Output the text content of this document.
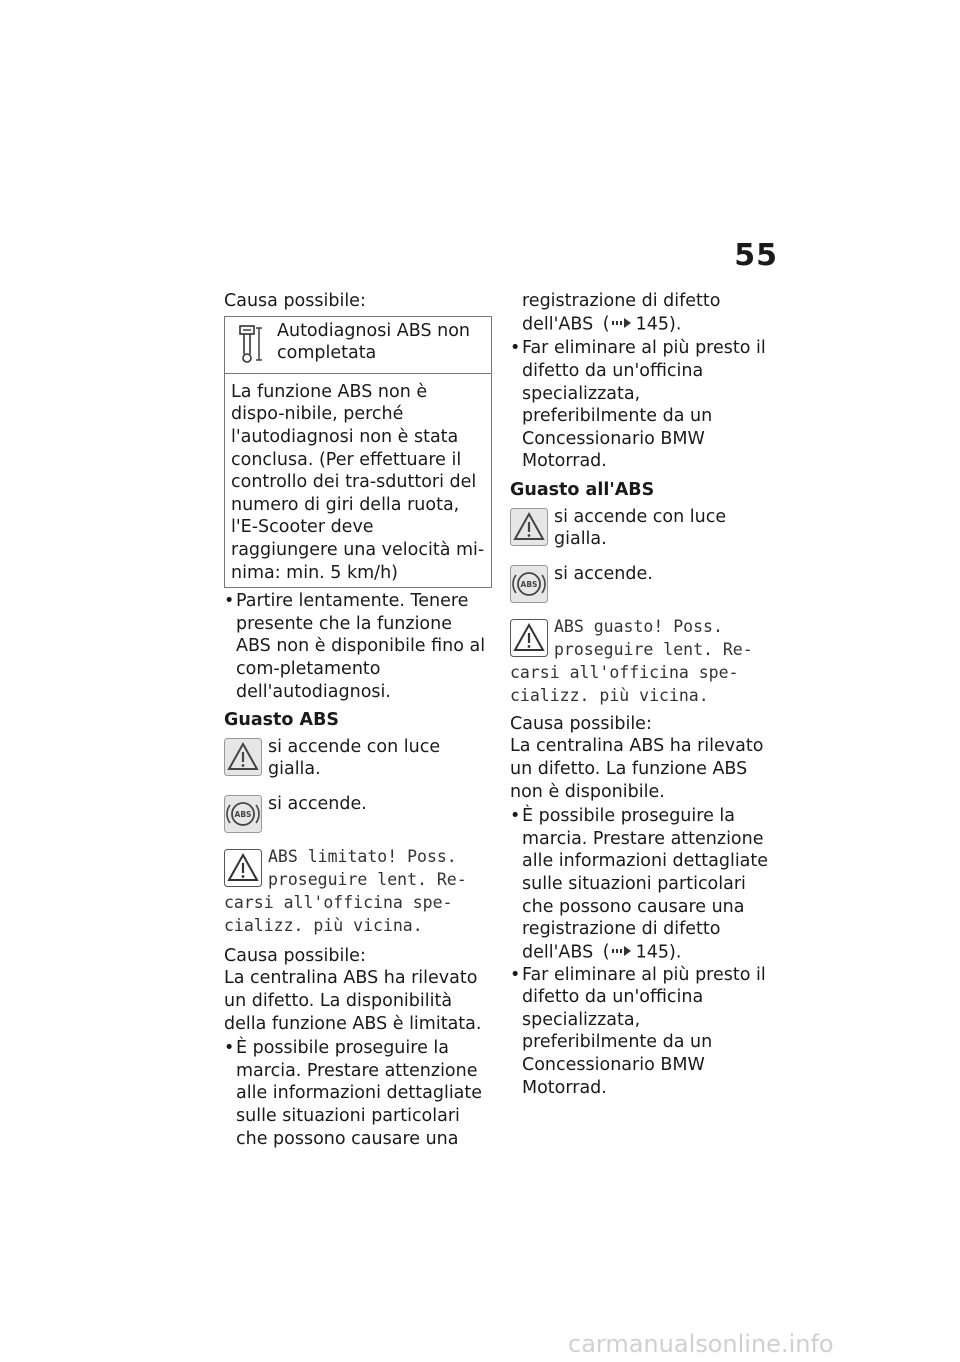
55

Causa possibile:

Autodiagnosi ABS non completata
La funzione ABS non è dispo-nibile, perché l'autodiagnosi non è stata conclusa. (Per effettuare il controllo dei tra-sduttori del numero di giri della ruota, l'E-Scooter deve raggiungere una velocità mi-nima: min. 5 km/h)
• Partire lentamente. Tenere presente che la funzione ABS non è disponibile fino al com-pletamento dell'autodiagnosi.

Guasto ABS

si accende con luce gialla.
ABS
si accende.
ABS limitato! Poss. proseguire lent. Re-carsi all'officina spe-cializz. più vicina.

Causa possibile:

La centralina ABS ha rilevato un difetto. La disponibilità della funzione ABS è limitata.

• È possibile proseguire la marcia. Prestare attenzione alle informazioni dettagliate sulle situazioni particolari che possono causare una

registrazione di difetto dell'ABS ( 145).

• Far eliminare al più presto il difetto da un'officina specializzata, preferibilmente da un Concessionario BMW Motorrad.

Guasto all'ABS

si accende con luce gialla.
ABS
si accende.
ABS guasto! Poss. proseguire lent. Re-carsi all'officina spe-cializz. più vicina.

Causa possibile:

La centralina ABS ha rilevato un difetto. La funzione ABS non è disponibile.

• È possibile proseguire la marcia. Prestare attenzione alle informazioni dettagliate sulle situazioni particolari che possono causare una registrazione di difetto dell'ABS ( 145).
• Far eliminare al più presto il difetto da un'officina specializzata, preferibilmente da un Concessionario BMW Motorrad.
carmanualsonline.info
